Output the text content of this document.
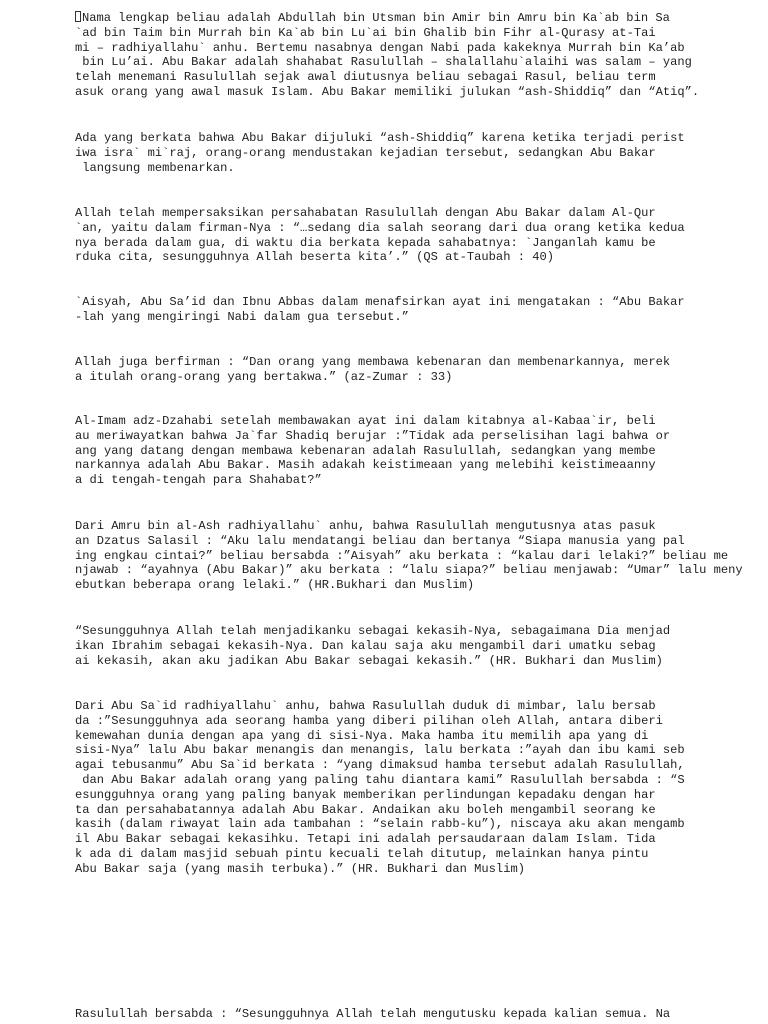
Nama lengkap beliau adalah Abdullah bin Utsman bin Amir bin Amru bin Ka`ab bin Sa
`ad bin Taim bin Murrah bin Ka`ab bin Lu`ai bin Ghalib bin Fihr al-Qurasy at-Tai
mi – radhiyallahu` anhu. Bertemu nasabnya dengan Nabi pada kakeknya Murrah bin Ka’ab
bin Lu’ai. Abu Bakar adalah shahabat Rasulullah – shalallahu`alaihi was salam – yang
telah menemani Rasulullah sejak awal diutusnya beliau sebagai Rasul, beliau term
asuk orang yang awal masuk Islam. Abu Bakar memiliki julukan “ash-Shiddiq” dan “Atiq”.
Ada yang berkata bahwa Abu Bakar dijuluki “ash-Shiddiq” karena ketika terjadi perist
iwa isra` mi`raj, orang-orang mendustakan kejadian tersebut, sedangkan Abu Bakar
langsung membenarkan.
Allah telah mempersaksikan persahabatan Rasulullah dengan Abu Bakar dalam Al-Qur
`an, yaitu dalam firman-Nya : “…sedang dia salah seorang dari dua orang ketika kedua
nya berada dalam gua, di waktu dia berkata kepada sahabatnya: `Janganlah kamu be
rduka cita, sesungguhnya Allah beserta kita’.” (QS at-Taubah : 40)
`Aisyah, Abu Sa’id dan Ibnu Abbas dalam menafsirkan ayat ini mengatakan : “Abu Bakar
-lah yang mengiringi Nabi dalam gua tersebut.”
Allah juga berfirman : “Dan orang yang membawa kebenaran dan membenarkannya, merek
a itulah orang-orang yang bertakwa.” (az-Zumar : 33)
Al-Imam adz-Dzahabi setelah membawakan ayat ini dalam kitabnya al-Kabaa`ir, beli
au meriwayatkan bahwa Ja`far Shadiq berujar :”Tidak ada perselisihan lagi bahwa or
ang yang datang dengan membawa kebenaran adalah Rasulullah, sedangkan yang membe
narkannya adalah Abu Bakar. Masih adakah keistimeaan yang melebihi keistimeaanny
a di tengah-tengah para Shahabat?”
Dari Amru bin al-Ash radhiyallahu` anhu, bahwa Rasulullah mengutusnya atas pasuk
an Dzatus Salasil : “Aku lalu mendatangi beliau dan bertanya “Siapa manusia yang pal
ing engkau cintai?” beliau bersabda :”Aisyah” aku berkata : “kalau dari lelaki?” beliau me
njawab : “ayahnya (Abu Bakar)” aku berkata : “lalu siapa?” beliau menjawab: “Umar” lalu meny
ebutkan beberapa orang lelaki.” (HR.Bukhari dan Muslim)
“Sesungguhnya Allah telah menjadikanku sebagai kekasih-Nya, sebagaimana Dia menjad
ikan Ibrahim sebagai kekasih-Nya. Dan kalau saja aku mengambil dari umatku sebag
ai kekasih, akan aku jadikan Abu Bakar sebagai kekasih.” (HR. Bukhari dan Muslim)
Dari Abu Sa`id radhiyallahu` anhu, bahwa Rasulullah duduk di mimbar, lalu bersab
da :”Sesungguhnya ada seorang hamba yang diberi pilihan oleh Allah, antara diberi
kemewahan dunia dengan apa yang di sisi-Nya. Maka hamba itu memilih apa yang di
sisi-Nya” lalu Abu bakar menangis dan menangis, lalu berkata :”ayah dan ibu kami seb
agai tebusanmu” Abu Sa`id berkata : “yang dimaksud hamba tersebut adalah Rasulullah,
dan Abu Bakar adalah orang yang paling tahu diantara kami” Rasulullah bersabda : “S
esungguhnya orang yang paling banyak memberikan perlindungan kepadaku dengan har
ta dan persahabatannya adalah Abu Bakar. Andaikan aku boleh mengambil seorang ke
kasih (dalam riwayat lain ada tambahan : “selain rabb-ku”), niscaya aku akan mengamb
il Abu Bakar sebagai kekasihku. Tetapi ini adalah persaudaraan dalam Islam. Tida
k ada di dalam masjid sebuah pintu kecuali telah ditutup, melainkan hanya pintu
Abu Bakar saja (yang masih terbuka).” (HR. Bukhari dan Muslim)
Rasulullah bersabda : “Sesungguhnya Allah telah mengutusku kepada kalian semua. Na
